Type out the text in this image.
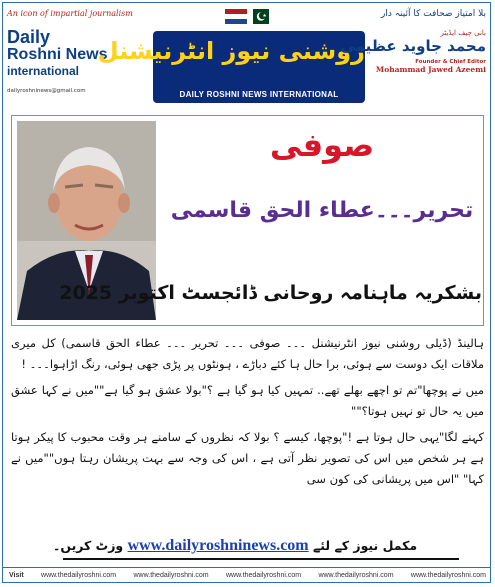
An icon of impartial journalism
Daily
Roshni News
international
dailyroshninews@gmail.com
روشنی نیوز انٹرنیشنل
DAILY ROSHNI NEWS INTERNATIONAL
بلا امتیاز صحافت کا آئینہ دار
بانی چیف ایڈیٹر
محمد جاوید عظیمی
Founder & Chief Editor
Mohammad Jawed Azeemi
صوفی
تحریر۔۔۔عطاء الحق قاسمی
بشکریہ ماہنامہ روحانی ڈائجسٹ اکتوبر 2025

ہالینڈ (ڈیلی روشنی نیوز انٹرنیشنل ۔۔۔ صوفی ۔۔۔ تحریر ۔۔۔ عطاء الحق قاسمی) کل میری ملاقات ایک دوست سے ہوئی، برا حال ہا کئے دباڑے ، ہونٹوں پر پڑی جھی ہوئی، رنگ اڑاہوا۔۔۔ !

میں نے پوچھا"تم تو اچھے بھلے تھے.. تمہیں کیا ہو گیا ہے ؟"بولا عشق ہو گیا ہے""میں نے کہا عشق میں یہ حال تو نہیں ہوتا؟""

کہنے لگا"یہی حال ہوتا ہے !"پوچھا، کیسے ؟ بولا کہ نظروں کے سامنے ہر وقت محبوب کا پیکر ہوتا ہے ہر شخص میں اس کی تصویر نظر آتی ہے ، اس کی وجہ سے بہت پریشان رہتا ہوں""میں نے کہا" "اس میں پریشانی کی کون سی

مکمل نیوز کے لئے www.dailyroshninews.com وزٹ کریں۔
Visit www.thedailyroshni.com www.thedailyroshni.com www.thedailyroshni.com www.thedailyroshni.com www.thedailyroshni.com
